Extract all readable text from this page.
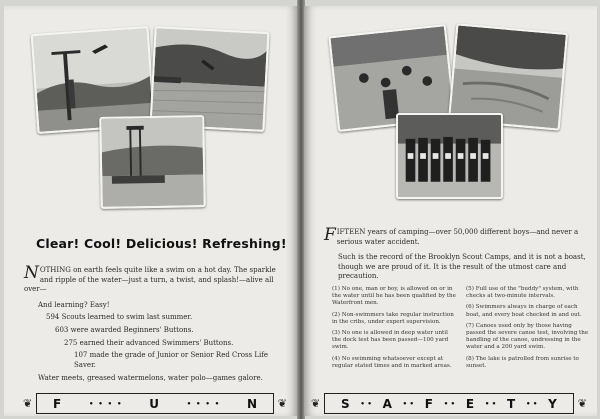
Clear! Cool! Delicious! Refreshing!
NOTHING on earth feels quite like a swim on a hot day. The sparkle and ripple of the water—just a turn, a twist, and splash!—alive all over—
And learning? Easy!
594 Scouts learned to swim last summer.
603 were awarded Beginners' Buttons.
275 earned their advanced Swimmers' Buttons.
107 made the grade of Junior or Senior Red Cross Life Saver.
Water meets, greased watermelons, water polo—games galore.
❦ F	•  •  •  • U	•  •  •  • N ❦
FIFTEEN years of camping—over 50,000 different boys—and never a serious water accident.
Such is the record of the Brooklyn Scout Camps, and it is not a boast, though we are proud of it. It is the result of the utmost care and precaution.
(1) No one, man or boy, is allowed on or in the water until he has been qualified by the Waterfront men.
(2) Non-swimmers take regular instruction in the cribs, under expert supervision.
(3) No one is allowed in deep water until the dock test has been passed—100 yard swim.
(4) No swimming whatsoever except at regular stated times and in marked areas.
(5) Full use of the "buddy" system, with checks at two-minute intervals.
(6) Swimmers always in charge of each boat, and every boat checked in and out.
(7) Canoes used only by those having passed the severe canoe test, involving the handling of the canoe, undressing in the water and a 200 yard swim.
(8) The lake is patrolled from sunrise to sunset.
❦ S • • A • • F • • E • • T • • Y ❦
